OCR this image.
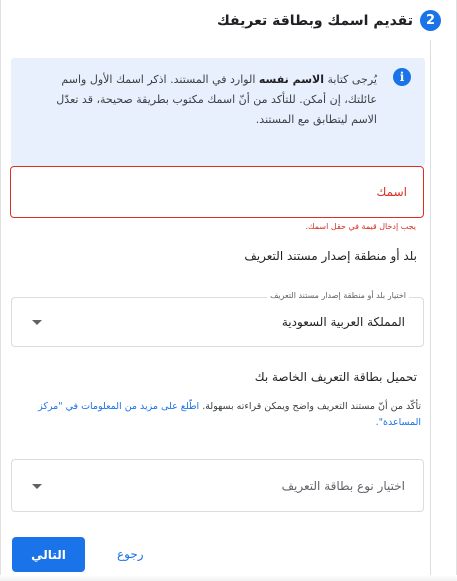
2
تقديم اسمك وبطاقة تعريفك
i
يُرجى كتابة الاسم نفسه الوارد في المستند. اذكر اسمك الأول واسم عائلتك، إن أمكن. للتأكد من أنّ اسمك مكتوب بطريقة صحيحة، قد تعدّل الاسم ليتطابق مع المستند.
اسمك
يجب إدخال قيمة في حقل اسمك.
بلد أو منطقة إصدار مستند التعريف
اختيار بلد أو منطقة إصدار مستند التعريف
المملكة العربية السعودية
تحميل بطاقة التعريف الخاصة بك
تأكّد من أنّ مستند التعريف واضح ويمكن قراءته بسهولة. اطّلع على مزيد من المعلومات في "مركز المساعدة".
اختيار نوع بطاقة التعريف
التالي	رجوع
